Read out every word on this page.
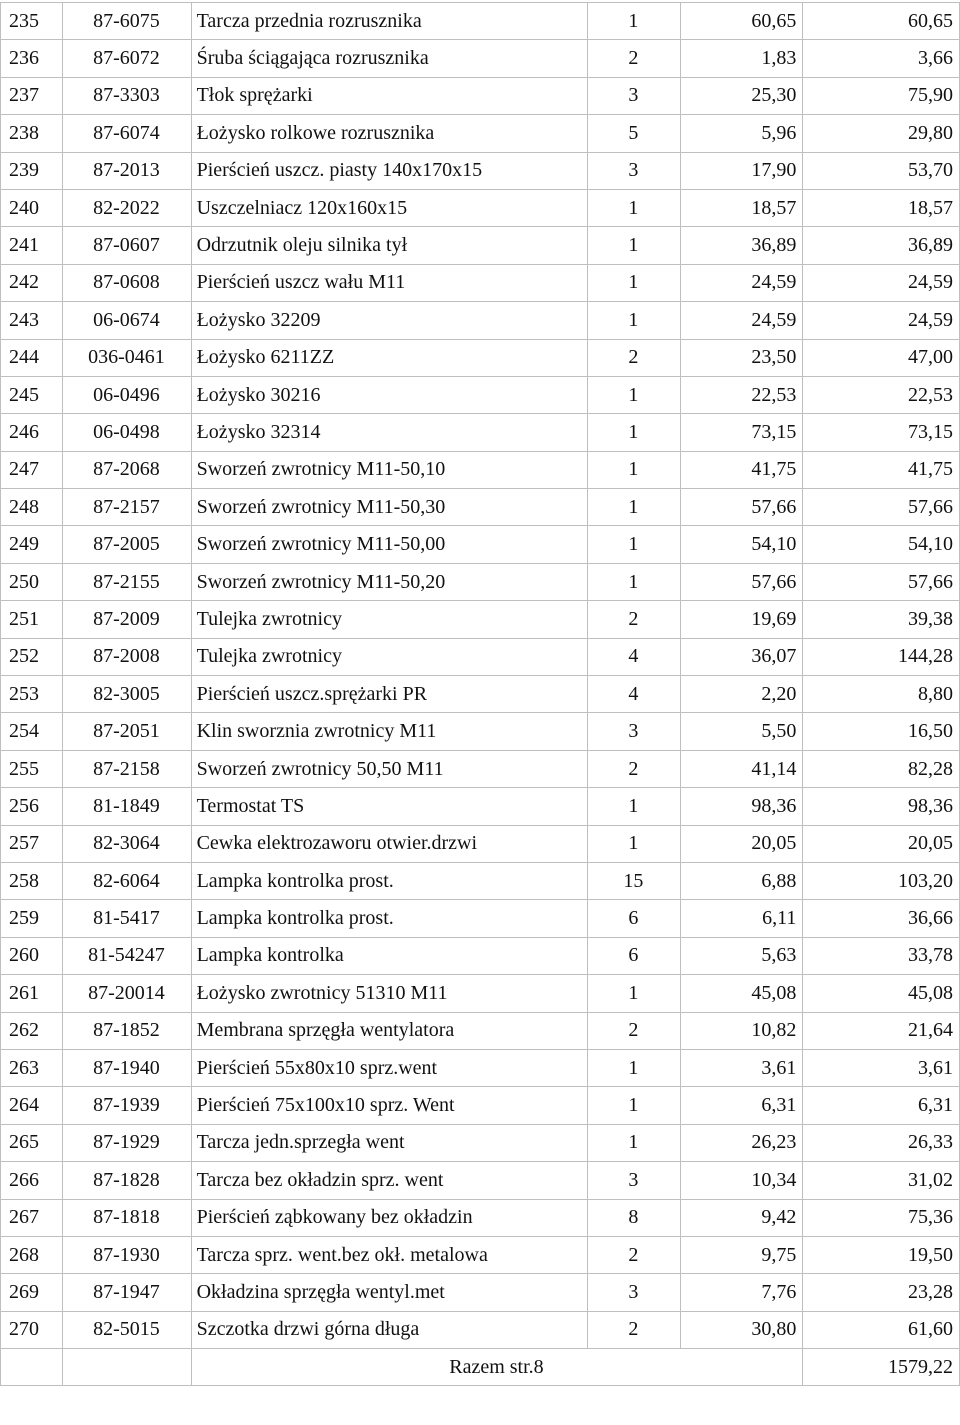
235	87-6075	Tarcza przednia rozrusznika	1	60,65	60,65
236	87-6072	Śruba ściągająca rozrusznika	2	1,83	3,66
237	87-3303	Tłok sprężarki	3	25,30	75,90
238	87-6074	Łożysko rolkowe rozrusznika	5	5,96	29,80
239	87-2013	Pierścień uszcz. piasty 140x170x15	3	17,90	53,70
240	82-2022	Uszczelniacz 120x160x15	1	18,57	18,57
241	87-0607	Odrzutnik oleju silnika tył	1	36,89	36,89
242	87-0608	Pierścień uszcz wału M11	1	24,59	24,59
243	06-0674	Łożysko 32209	1	24,59	24,59
244	036-0461	Łożysko 6211ZZ	2	23,50	47,00
245	06-0496	Łożysko 30216	1	22,53	22,53
246	06-0498	Łożysko 32314	1	73,15	73,15
247	87-2068	Sworzeń zwrotnicy M11-50,10	1	41,75	41,75
248	87-2157	Sworzeń zwrotnicy M11-50,30	1	57,66	57,66
249	87-2005	Sworzeń zwrotnicy M11-50,00	1	54,10	54,10
250	87-2155	Sworzeń zwrotnicy M11-50,20	1	57,66	57,66
251	87-2009	Tulejka zwrotnicy	2	19,69	39,38
252	87-2008	Tulejka zwrotnicy	4	36,07	144,28
253	82-3005	Pierścień uszcz.sprężarki PR	4	2,20	8,80
254	87-2051	Klin sworznia zwrotnicy M11	3	5,50	16,50
255	87-2158	Sworzeń zwrotnicy 50,50 M11	2	41,14	82,28
256	81-1849	Termostat TS	1	98,36	98,36
257	82-3064	Cewka elektrozaworu otwier.drzwi	1	20,05	20,05
258	82-6064	Lampka kontrolka prost.	15	6,88	103,20
259	81-5417	Lampka kontrolka prost.	6	6,11	36,66
260	81-54247	Lampka kontrolka	6	5,63	33,78
261	87-20014	Łożysko zwrotnicy 51310 M11	1	45,08	45,08
262	87-1852	Membrana sprzęgła wentylatora	2	10,82	21,64
263	87-1940	Pierścień 55x80x10 sprz.went	1	3,61	3,61
264	87-1939	Pierścień 75x100x10 sprz. Went	1	6,31	6,31
265	87-1929	Tarcza jedn.sprzegła went	1	26,23	26,33
266	87-1828	Tarcza bez okładzin sprz. went	3	10,34	31,02
267	87-1818	Pierścień ząbkowany bez okładzin	8	9,42	75,36
268	87-1930	Tarcza sprz. went.bez okł. metalowa	2	9,75	19,50
269	87-1947	Okładzina sprzęgła wentyl.met	3	7,76	23,28
270	82-5015	Szczotka drzwi górna długa	2	30,80	61,60
		Razem str.8			1579,22
